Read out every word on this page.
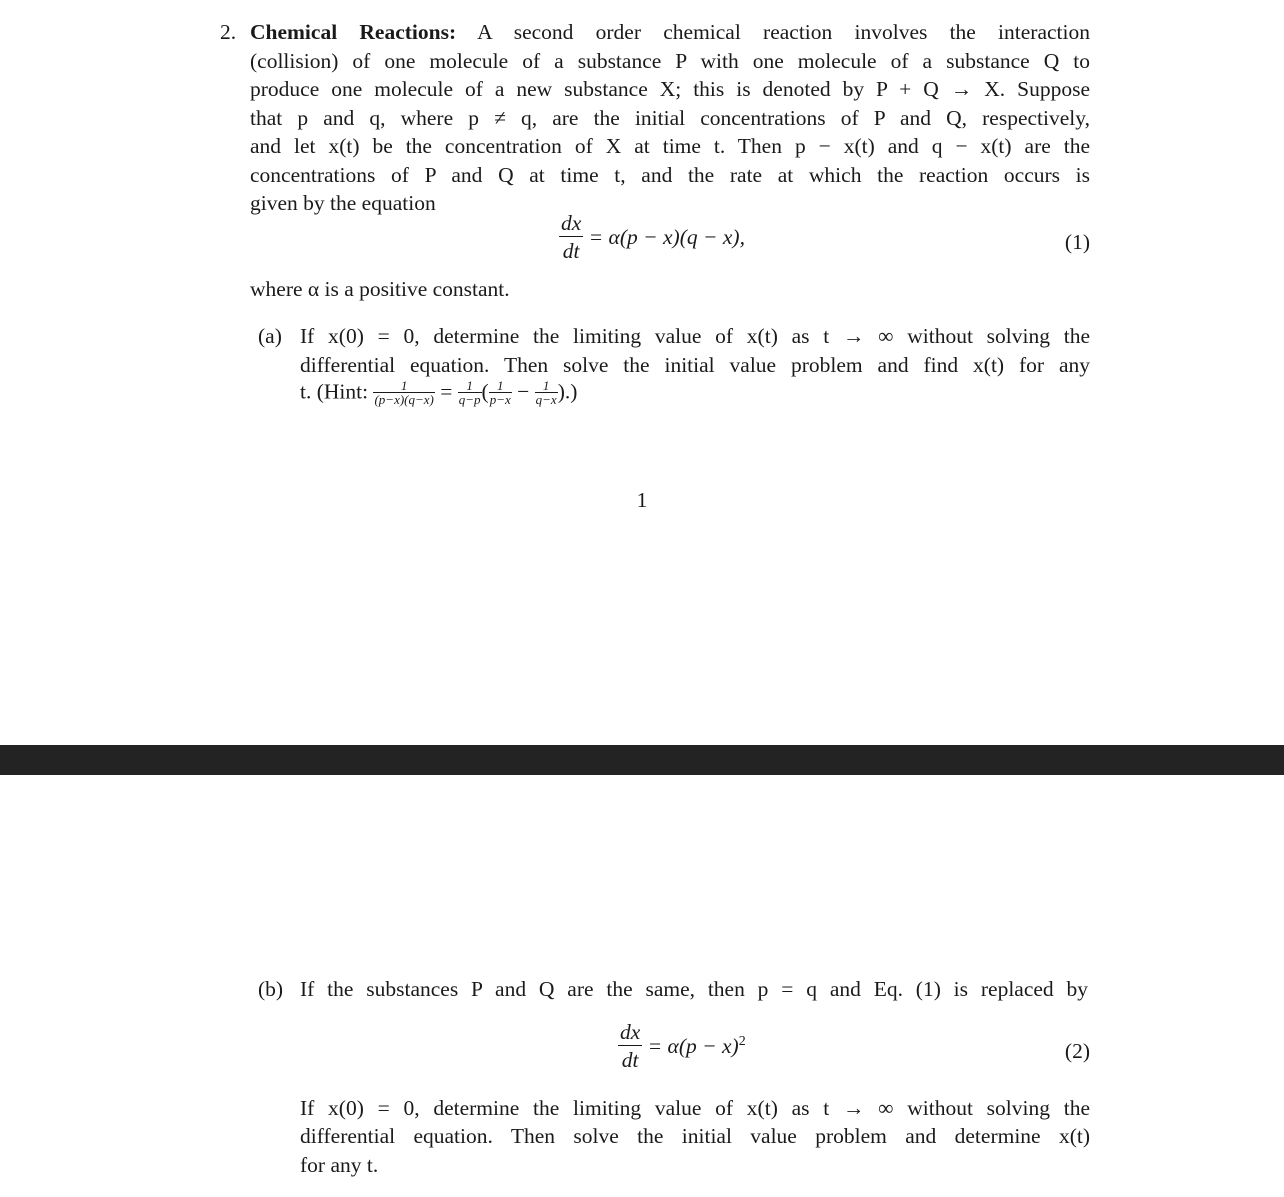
2. Chemical Reactions: A second order chemical reaction involves the interaction
(collision) of one molecule of a substance P with one molecule of a substance Q to
produce one molecule of a new substance X; this is denoted by P + Q → X. Suppose
that p and q, where p ≠ q, are the initial concentrations of P and Q, respectively,
and let x(t) be the concentration of X at time t. Then p − x(t) and q − x(t) are the
concentrations of P and Q at time t, and the rate at which the reaction occurs is
given by the equation
$\frac{dx}{dt} = \alpha(p - x)(q - x)$,	(1)
where α is a positive constant.
(a) If x(0) = 0, determine the limiting value of x(t) as t → ∞ without solving the
differential equation. Then solve the initial value problem and find x(t) for any
t. (Hint: $\frac{1}{(p-x)(q-x)} = \frac{1}{q-p}$ ( $\frac{1}{p-x} - \frac{1}{q-x}$ ).)
1
(b) If the substances P and Q are the same, then p = q and Eq. (1) is replaced by
$\frac{dx}{dt} = \alpha(p - x)^2$	(2)
If x(0) = 0, determine the limiting value of x(t) as t → ∞ without solving the
differential equation. Then solve the initial value problem and determine x(t)
for any t.
